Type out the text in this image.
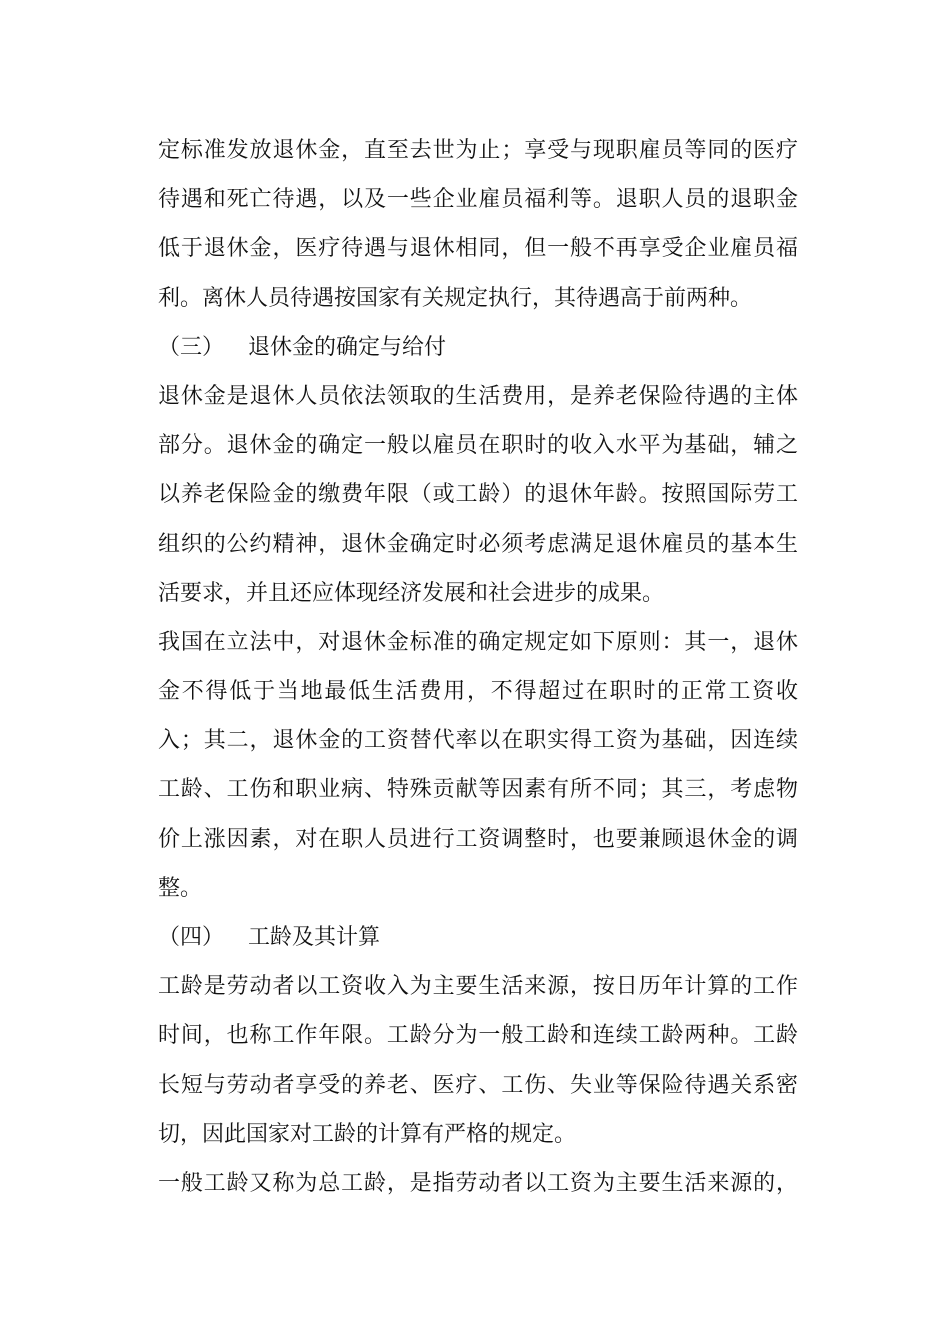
定标准发放退休金，直至去世为止；享受与现职雇员等同的医疗
待遇和死亡待遇，以及一些企业雇员福利等。退职人员的退职金
低于退休金，医疗待遇与退休相同，但一般不再享受企业雇员福
利。离休人员待遇按国家有关规定执行，其待遇高于前两种。
（三） 退休金的确定与给付
退休金是退休人员依法领取的生活费用，是养老保险待遇的主体
部分。退休金的确定一般以雇员在职时的收入水平为基础，辅之
以养老保险金的缴费年限（或工龄）的退休年龄。按照国际劳工
组织的公约精神，退休金确定时必须考虑满足退休雇员的基本生
活要求，并且还应体现经济发展和社会进步的成果。
我国在立法中，对退休金标准的确定规定如下原则：其一，退休
金不得低于当地最低生活费用，不得超过在职时的正常工资收
入；其二，退休金的工资替代率以在职实得工资为基础，因连续
工龄、工伤和职业病、特殊贡献等因素有所不同；其三，考虑物
价上涨因素，对在职人员进行工资调整时，也要兼顾退休金的调
整。
（四） 工龄及其计算
工龄是劳动者以工资收入为主要生活来源，按日历年计算的工作
时间，也称工作年限。工龄分为一般工龄和连续工龄两种。工龄
长短与劳动者享受的养老、医疗、工伤、失业等保险待遇关系密
切，因此国家对工龄的计算有严格的规定。
一般工龄又称为总工龄，是指劳动者以工资为主要生活来源的，
